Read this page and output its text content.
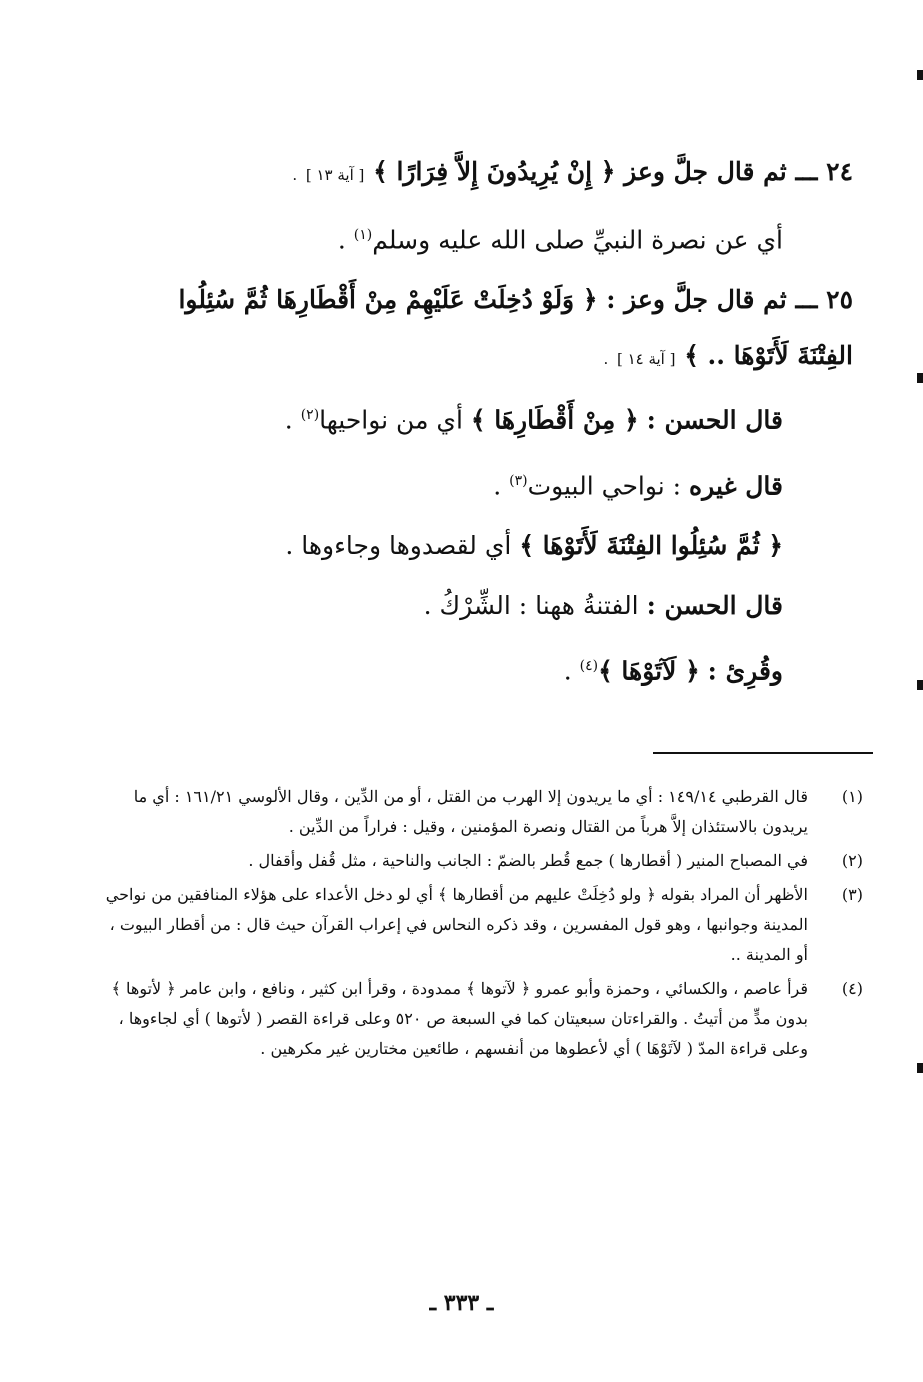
٢٤ ـــ ثم قال جلَّ وعز ﴿ إِنْ يُرِيدُونَ إِلاَّ فِرَارًا ﴾ [ آية ١٣ ] .
أي عن نصرة النبيِّ صلى الله عليه وسلم$^{(١)}$ .
٢٥ ـــ ثم قال جلَّ وعز : ﴿ وَلَوْ دُخِلَتْ عَلَيْهِمْ مِنْ أَقْطَارِهَا ثُمَّ سُئِلُوا
الفِتْنَةَ لَأَتَوْهَا .. ﴾ [ آية ١٤ ] .
قال الحسن : ﴿ مِنْ أَقْطَارِهَا ﴾ أي من نواحيها$^{(٢)}$ .
قال غيره : نواحي البيوت$^{(٣)}$ .
﴿ ثُمَّ سُئِلُوا الفِتْنَةَ لَأَتَوْهَا ﴾ أي لقصدوها وجاءوها .
قال الحسن : الفتنةُ ههنا : الشِّرْكُ .
وقُرِئ : ﴿ لَآتَوْهَا ﴾$^{(٤)}$ .
(١)
قال القرطبي ١٤٩/١٤ : أي ما يريدون إلا الهرب من القتل ، أو من الدِّين ، وقال الألوسي ١٦١/٢١ : أي ما يريدون بالاستئذان إلاَّ هرباً من القتال ونصرة المؤمنين ، وقيل : فراراً من الدِّين .
(٢)
في المصباح المنير ( أقطارها ) جمع قُطر بالضمّ : الجانب والناحية ، مثل قُفل وأقفال .
(٣)
الأظهر أن المراد بقوله ﴿ ولو دُخِلَتْ عليهم من أقطارها ﴾ أي لو دخل الأعداء على هؤلاء المنافقين من نواحي المدينة وجوانبها ، وهو قول المفسرين ، وقد ذكره النحاس في إعراب القرآن حيث قال : من أقطار البيوت ، أو المدينة ..
(٤)
قرأ عاصم ، والكسائي ، وحمزة وأبو عمرو ﴿ لآتوها ﴾ ممدودة ، وقرأ ابن كثير ، ونافع ، وابن عامر ﴿ لأتوها ﴾ بدون مدٍّ من أتيتُ . والقراءتان سبعيتان كما في السبعة ص ٥٢٠ وعلى قراءة القصر ( لأتوها ) أي لجاءوها ، وعلى قراءة المدّ ( لآتَوْهَا ) أي لأعطوها من أنفسهم ، طائعين مختارين غير مكرهين .
ـ ٣٣٣ ـ
